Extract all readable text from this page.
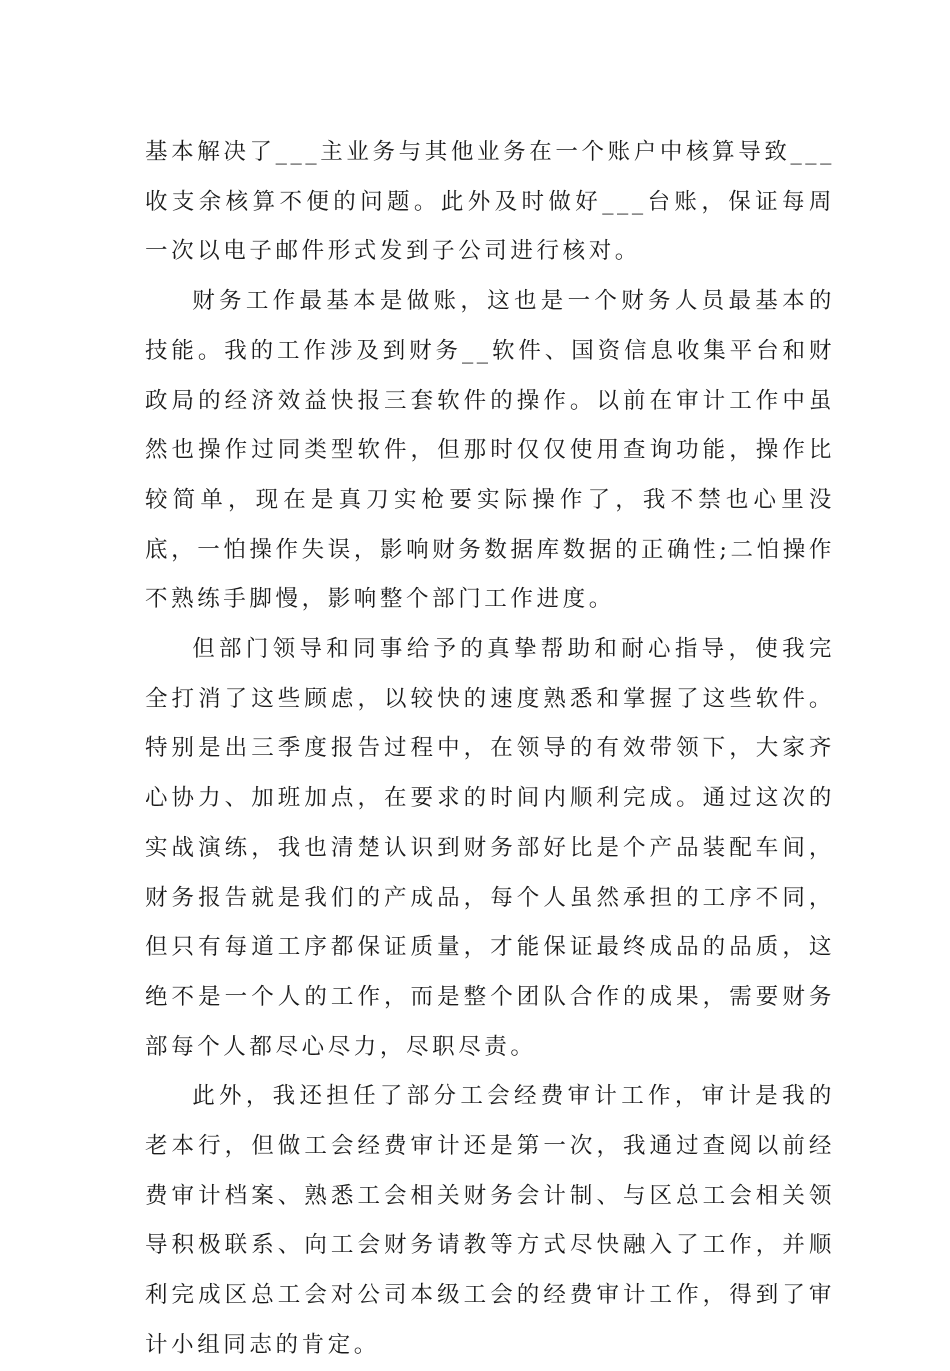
基本解决了___主业务与其他业务在一个账户中核算导致___收支余核算不便的问题。此外及时做好___台账，保证每周一次以电子邮件形式发到子公司进行核对。

财务工作最基本是做账，这也是一个财务人员最基本的技能。我的工作涉及到财务__软件、国资信息收集平台和财政局的经济效益快报三套软件的操作。以前在审计工作中虽然也操作过同类型软件，但那时仅仅使用查询功能，操作比较简单，现在是真刀实枪要实际操作了，我不禁也心里没底，一怕操作失误，影响财务数据库数据的正确性;二怕操作不熟练手脚慢，影响整个部门工作进度。

但部门领导和同事给予的真挚帮助和耐心指导，使我完全打消了这些顾虑，以较快的速度熟悉和掌握了这些软件。特别是出三季度报告过程中，在领导的有效带领下，大家齐心协力、加班加点，在要求的时间内顺利完成。通过这次的实战演练，我也清楚认识到财务部好比是个产品装配车间，财务报告就是我们的产成品，每个人虽然承担的工序不同，但只有每道工序都保证质量，才能保证最终成品的品质，这绝不是一个人的工作，而是整个团队合作的成果，需要财务部每个人都尽心尽力，尽职尽责。

此外，我还担任了部分工会经费审计工作，审计是我的老本行，但做工会经费审计还是第一次，我通过查阅以前经费审计档案、熟悉工会相关财务会计制、与区总工会相关领导积极联系、向工会财务请教等方式尽快融入了工作，并顺利完成区总工会对公司本级工会的经费审计工作，得到了审计小组同志的肯定。
